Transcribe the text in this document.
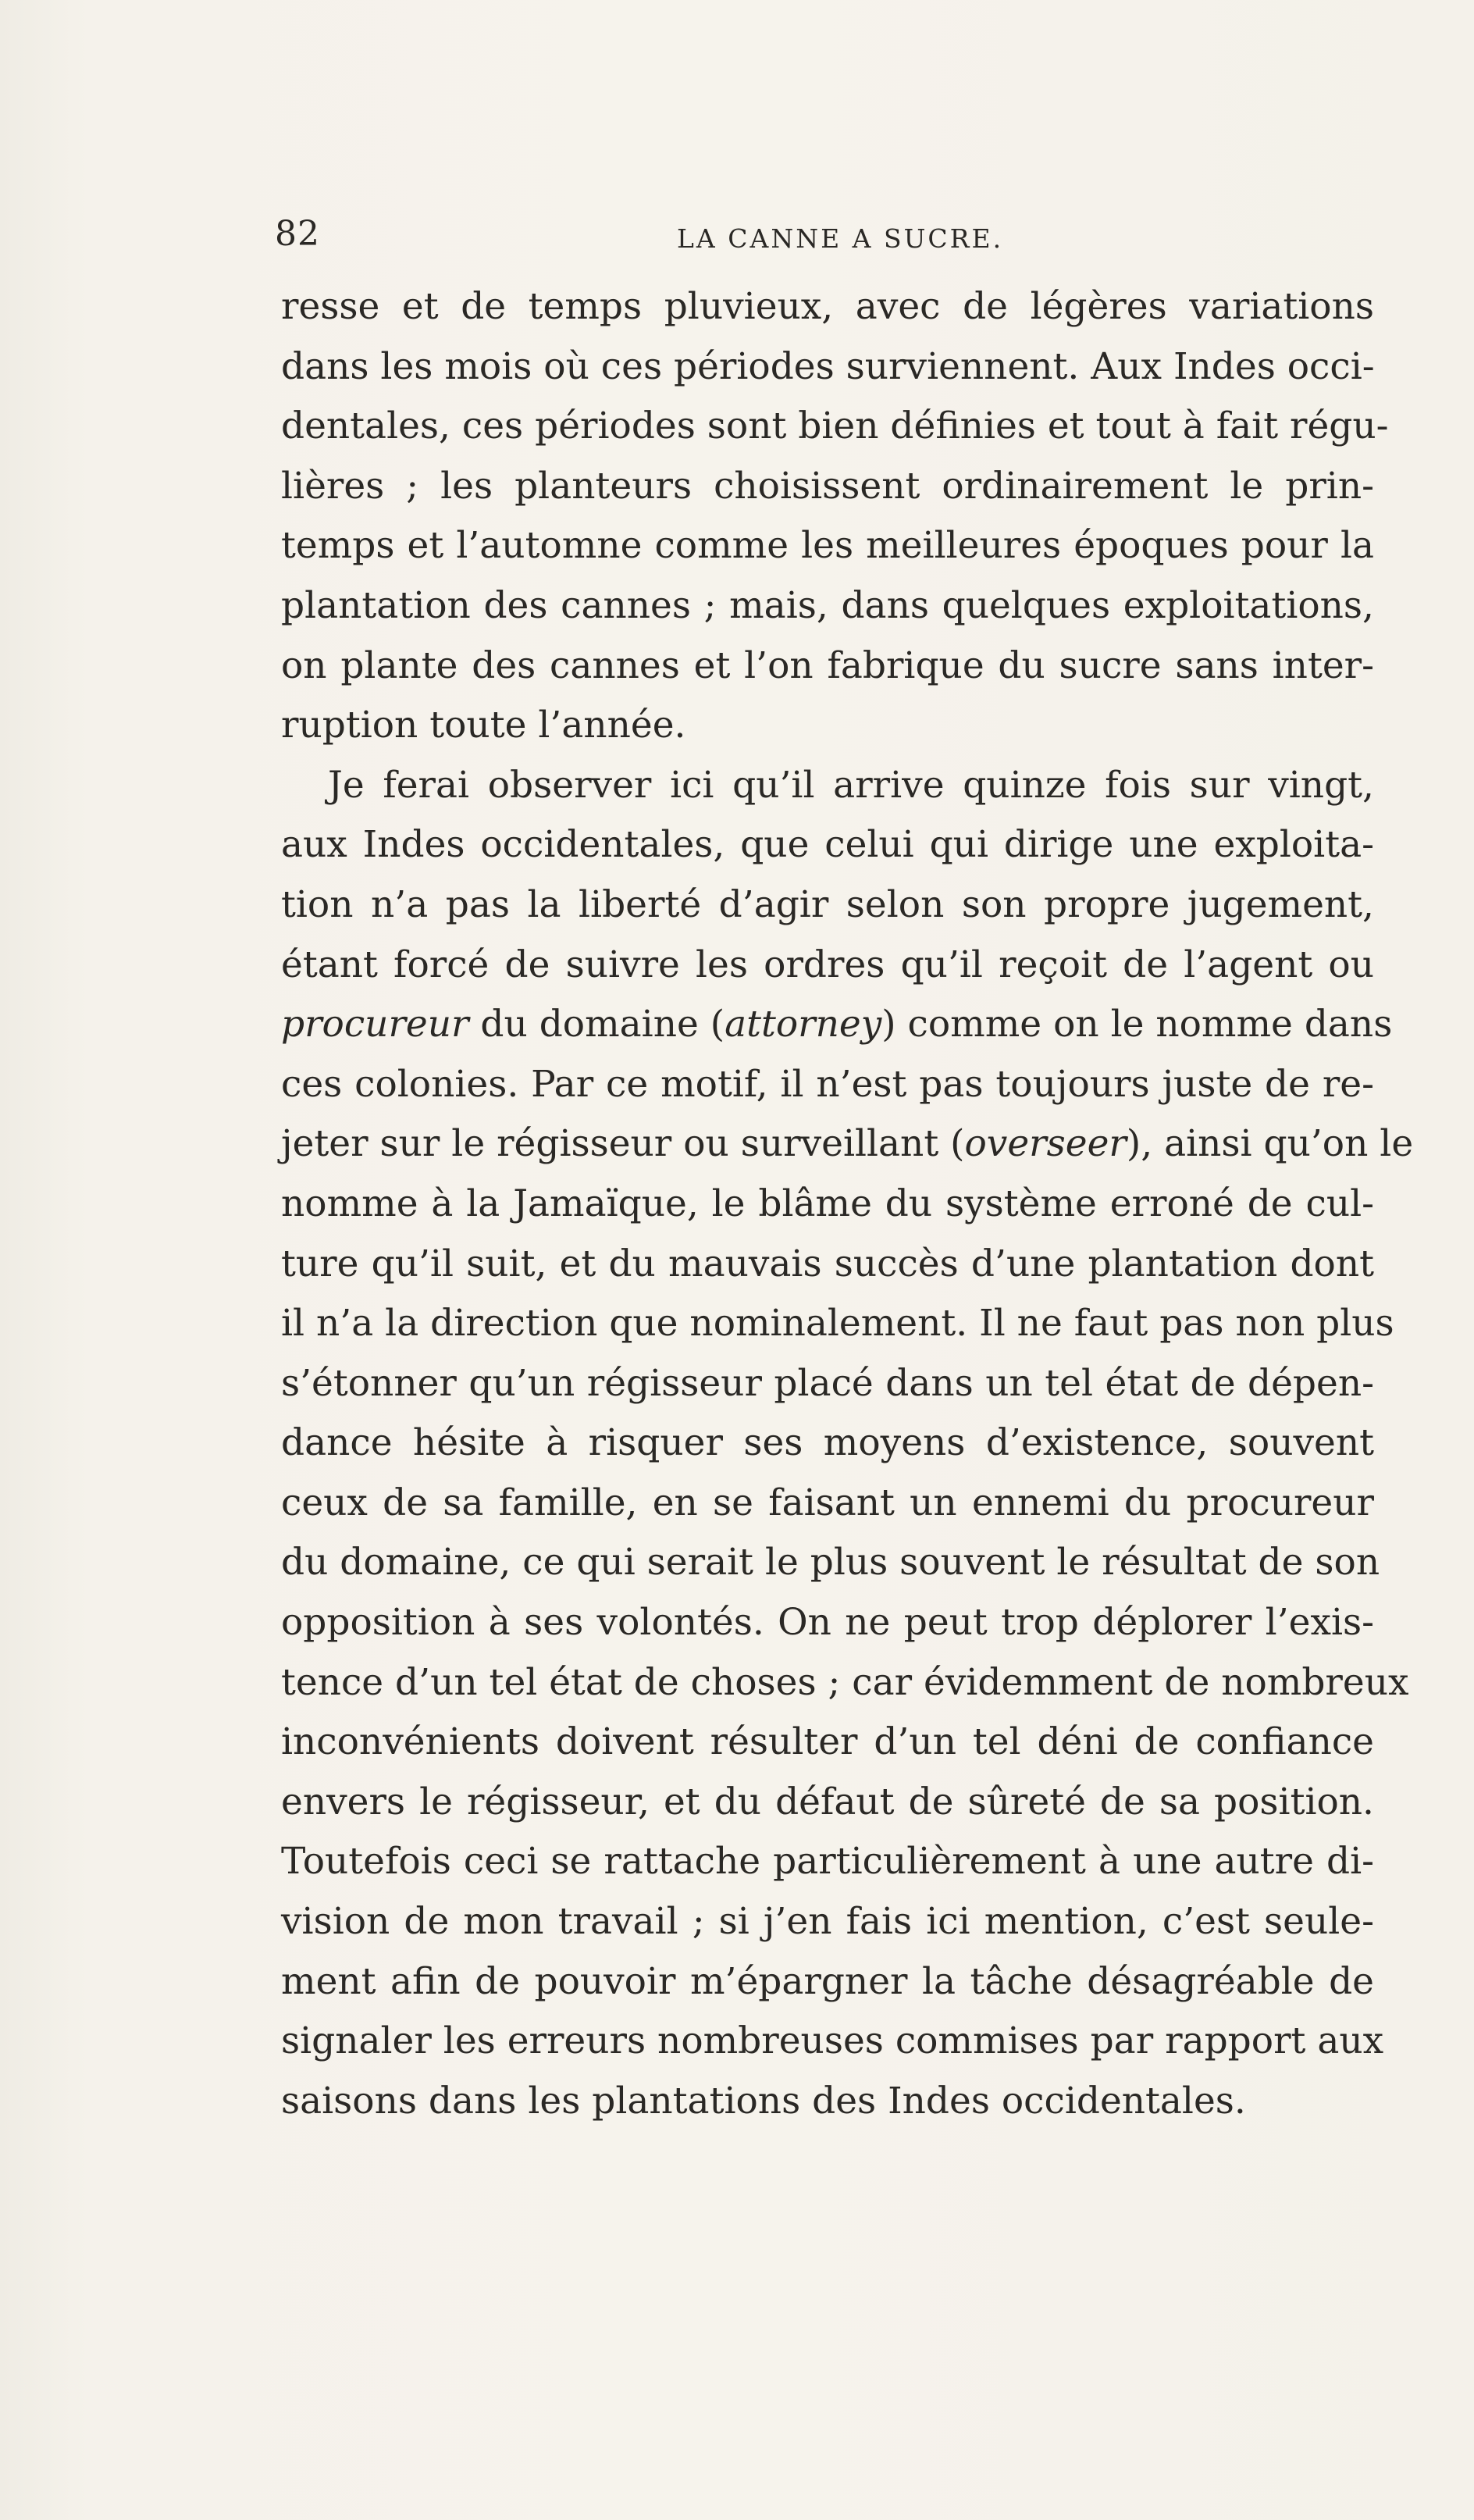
82	LA CANNE A SUCRE.
resse et de temps pluvieux, avec de légères variations
dans les mois où ces périodes surviennent. Aux Indes occi-
dentales, ces périodes sont bien définies et tout à fait régu-
lières ; les planteurs choisissent ordinairement le prin-
temps et l’automne comme les meilleures époques pour la
plantation des cannes ; mais, dans quelques exploitations,
on plante des cannes et l’on fabrique du sucre sans inter-
ruption toute l’année.
Je ferai observer ici qu’il arrive quinze fois sur vingt,
aux Indes occidentales, que celui qui dirige une exploita-
tion n’a pas la liberté d’agir selon son propre jugement,
étant forcé de suivre les ordres qu’il reçoit de l’agent ou
procureur du domaine (attorney) comme on le nomme dans
ces colonies. Par ce motif, il n’est pas toujours juste de re-
jeter sur le régisseur ou surveillant (overseer), ainsi qu’on le
nomme à la Jamaïque, le blâme du système erroné de cul-
ture qu’il suit, et du mauvais succès d’une plantation dont
il n’a la direction que nominalement. Il ne faut pas non plus
s’étonner qu’un régisseur placé dans un tel état de dépen-
dance hésite à risquer ses moyens d’existence, souvent
ceux de sa famille, en se faisant un ennemi du procureur
du domaine, ce qui serait le plus souvent le résultat de son
opposition à ses volontés. On ne peut trop déplorer l’exis-
tence d’un tel état de choses ; car évidemment de nombreux
inconvénients doivent résulter d’un tel déni de confiance
envers le régisseur, et du défaut de sûreté de sa position.
Toutefois ceci se rattache particulièrement à une autre di-
vision de mon travail ; si j’en fais ici mention, c’est seule-
ment afin de pouvoir m’épargner la tâche désagréable de
signaler les erreurs nombreuses commises par rapport aux
saisons dans les plantations des Indes occidentales.
